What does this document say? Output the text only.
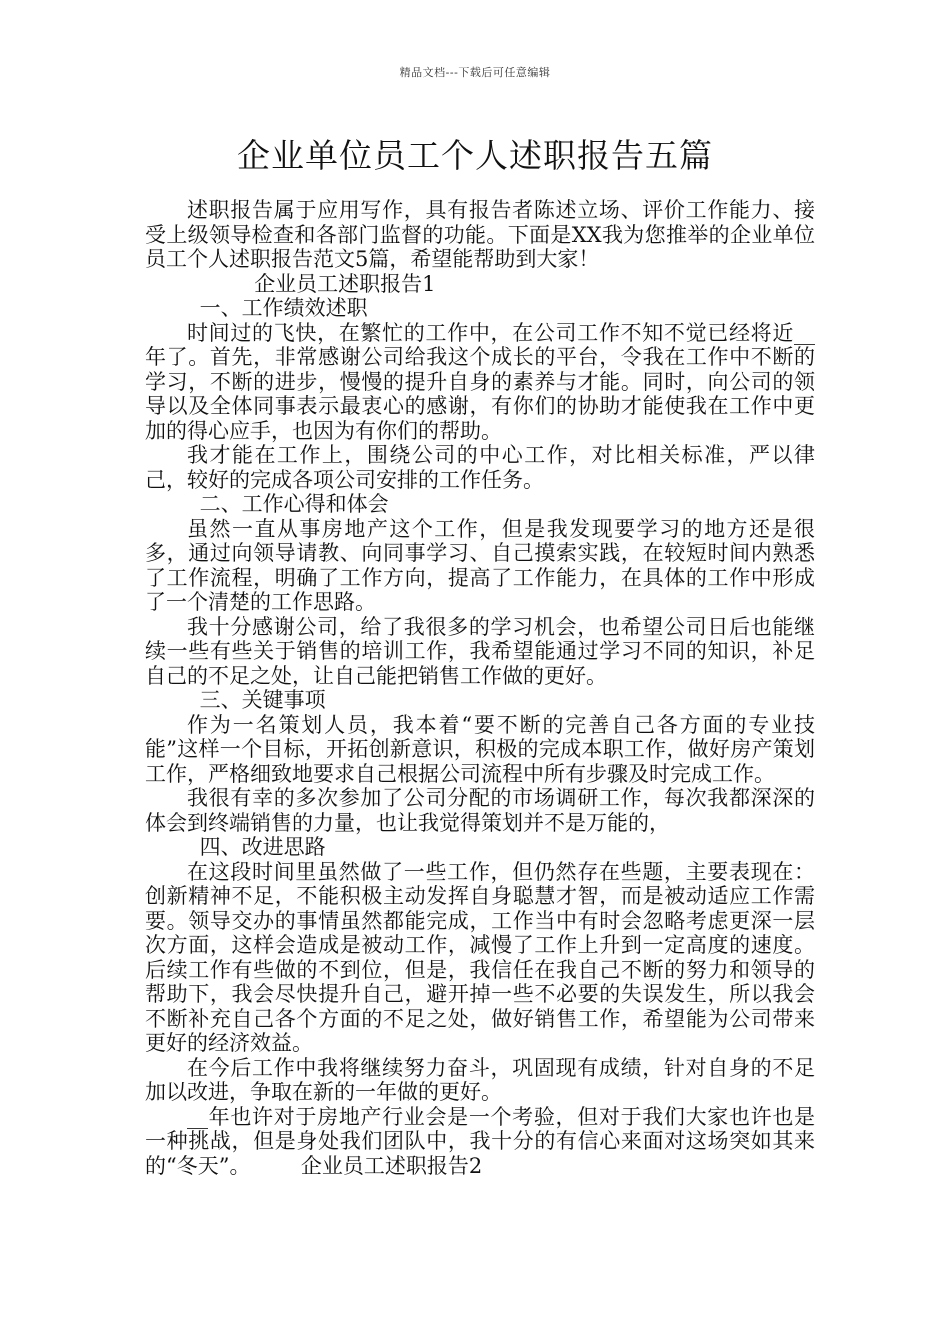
精品文档---下载后可任意编辑
企业单位员工个人述职报告五篇

述职报告属于应用写作，具有报告者陈述立场、评价工作能力、接受上级领导检查和各部门监督的功能。下面是XX我为您推举的企业单位员工个人述职报告范文5篇，希望能帮助到大家！

企业员工述职报告1

一、工作绩效述职

时间过的飞快，在繁忙的工作中，在公司工作不知不觉已经将近__年了。首先，非常感谢公司给我这个成长的平台，令我在工作中不断的学习，不断的进步，慢慢的提升自身的素养与才能。同时，向公司的领导以及全体同事表示最衷心的感谢，有你们的协助才能使我在工作中更加的得心应手，也因为有你们的帮助。

我才能在工作上，围绕公司的中心工作，对比相关标准，严以律己，较好的完成各项公司安排的工作任务。

二、工作心得和体会

虽然一直从事房地产这个工作，但是我发现要学习的地方还是很多，通过向领导请教、向同事学习、自己摸索实践，在较短时间内熟悉了工作流程，明确了工作方向，提高了工作能力，在具体的工作中形成了一个清楚的工作思路。

我十分感谢公司，给了我很多的学习机会，也希望公司日后也能继续一些有些关于销售的培训工作，我希望能通过学习不同的知识，补足自己的不足之处，让自己能把销售工作做的更好。

三、关键事项

作为一名策划人员，我本着“要不断的完善自己各方面的专业技能”这样一个目标，开拓创新意识，积极的完成本职工作，做好房产策划工作，严格细致地要求自己根据公司流程中所有步骤及时完成工作。

我很有幸的多次参加了公司分配的市场调研工作，每次我都深深的体会到终端销售的力量，也让我觉得策划并不是万能的，

四、改进思路

在这段时间里虽然做了一些工作，但仍然存在些题，主要表现在：创新精神不足，不能积极主动发挥自身聪慧才智，而是被动适应工作需要。领导交办的事情虽然都能完成，工作当中有时会忽略考虑更深一层次方面，这样会造成是被动工作，减慢了工作上升到一定高度的速度。后续工作有些做的不到位，但是，我信任在我自己不断的努力和领导的帮助下，我会尽快提升自己，避开掉一些不必要的失误发生，所以我会不断补充自己各个方面的不足之处，做好销售工作，希望能为公司带来更好的经济效益。

在今后工作中我将继续努力奋斗，巩固现有成绩，针对自身的不足加以改进，争取在新的一年做的更好。

__年也许对于房地产行业会是一个考验，但对于我们大家也许也是一种挑战，但是身处我们团队中，我十分的有信心来面对这场突如其来的“冬天”。 企业员工述职报告2
